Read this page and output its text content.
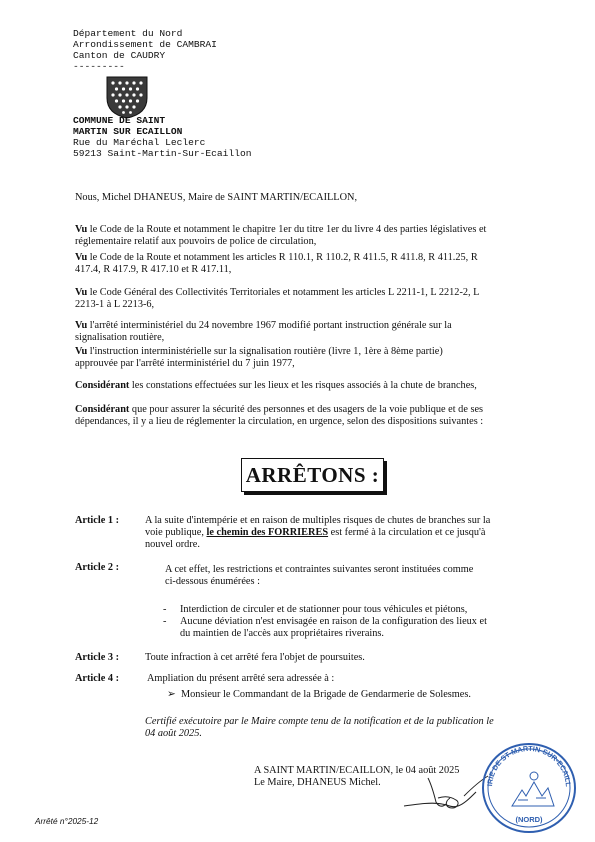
Département du Nord
Arrondissement de CAMBRAI
Canton de CAUDRY
---------
COMMUNE DE SAINT
MARTIN SUR ECAILLON
Rue du Maréchal Leclerc
59213 Saint-Martin-Sur-Ecaillon
Nous, Michel DHANEUS, Maire de SAINT MARTIN/ECAILLON,
Vu le Code de la Route et notamment le chapitre 1er du titre 1er du livre 4 des parties législatives et
réglementaire relatif aux pouvoirs de police de circulation,
Vu le Code de la Route et notamment les articles R 110.1, R 110.2, R 411.5, R 411.8, R 411.25, R
417.4, R 417.9, R 417.10 et R 417.11,
Vu le Code Général des Collectivités Territoriales et notamment les articles L 2211-1, L 2212-2, L
2213-1 à L 2213-6,
Vu l'arrêté interministériel du 24 novembre 1967 modifié portant instruction générale sur la
signalisation routière,
Vu l'instruction interministérielle sur la signalisation routière (livre 1, 1ère à 8ème partie)
approuvée par l'arrêté interministériel du 7 juin 1977,
Considérant les constations effectuées sur les lieux et les risques associés à la chute de branches,
Considérant que pour assurer la sécurité des personnes et des usagers de la voie publique et de ses
dépendances, il y a lieu de réglementer la circulation, en urgence, selon des dispositions suivantes :
ARRÊTONS :
Article 1 :	A la suite d'intempérie et en raison de multiples risques de chutes de branches sur la
voie publique, le chemin des FORRIERES est fermé à la circulation et ce jusqu'à
nouvel ordre.
Article 2 :	A cet effet, les restrictions et contraintes suivantes seront instituées comme
ci-dessous énumérées :
-	Interdiction de circuler et de stationner pour tous véhicules et piétons,
-	Aucune déviation n'est envisagée en raison de la configuration des lieux et
du maintien de l'accès aux propriétaires riverains.
Article 3 :	Toute infraction à cet arrêté fera l'objet de poursuites.
Article 4 :	Ampliation du présent arrêté sera adressée à :
➢ Monsieur le Commandant de la Brigade de Gendarmerie de Solesmes.
Certifié exécutoire par le Maire compte tenu de la notification et de la publication le
04 août 2025.
A SAINT MARTIN/ECAILLON, le 04 août 2025
Le Maire, DHANEUS Michel.	IRIE DE ST-MARTIN-SUR-ECAILL
(NORD)
Arrêté n°2025-12
